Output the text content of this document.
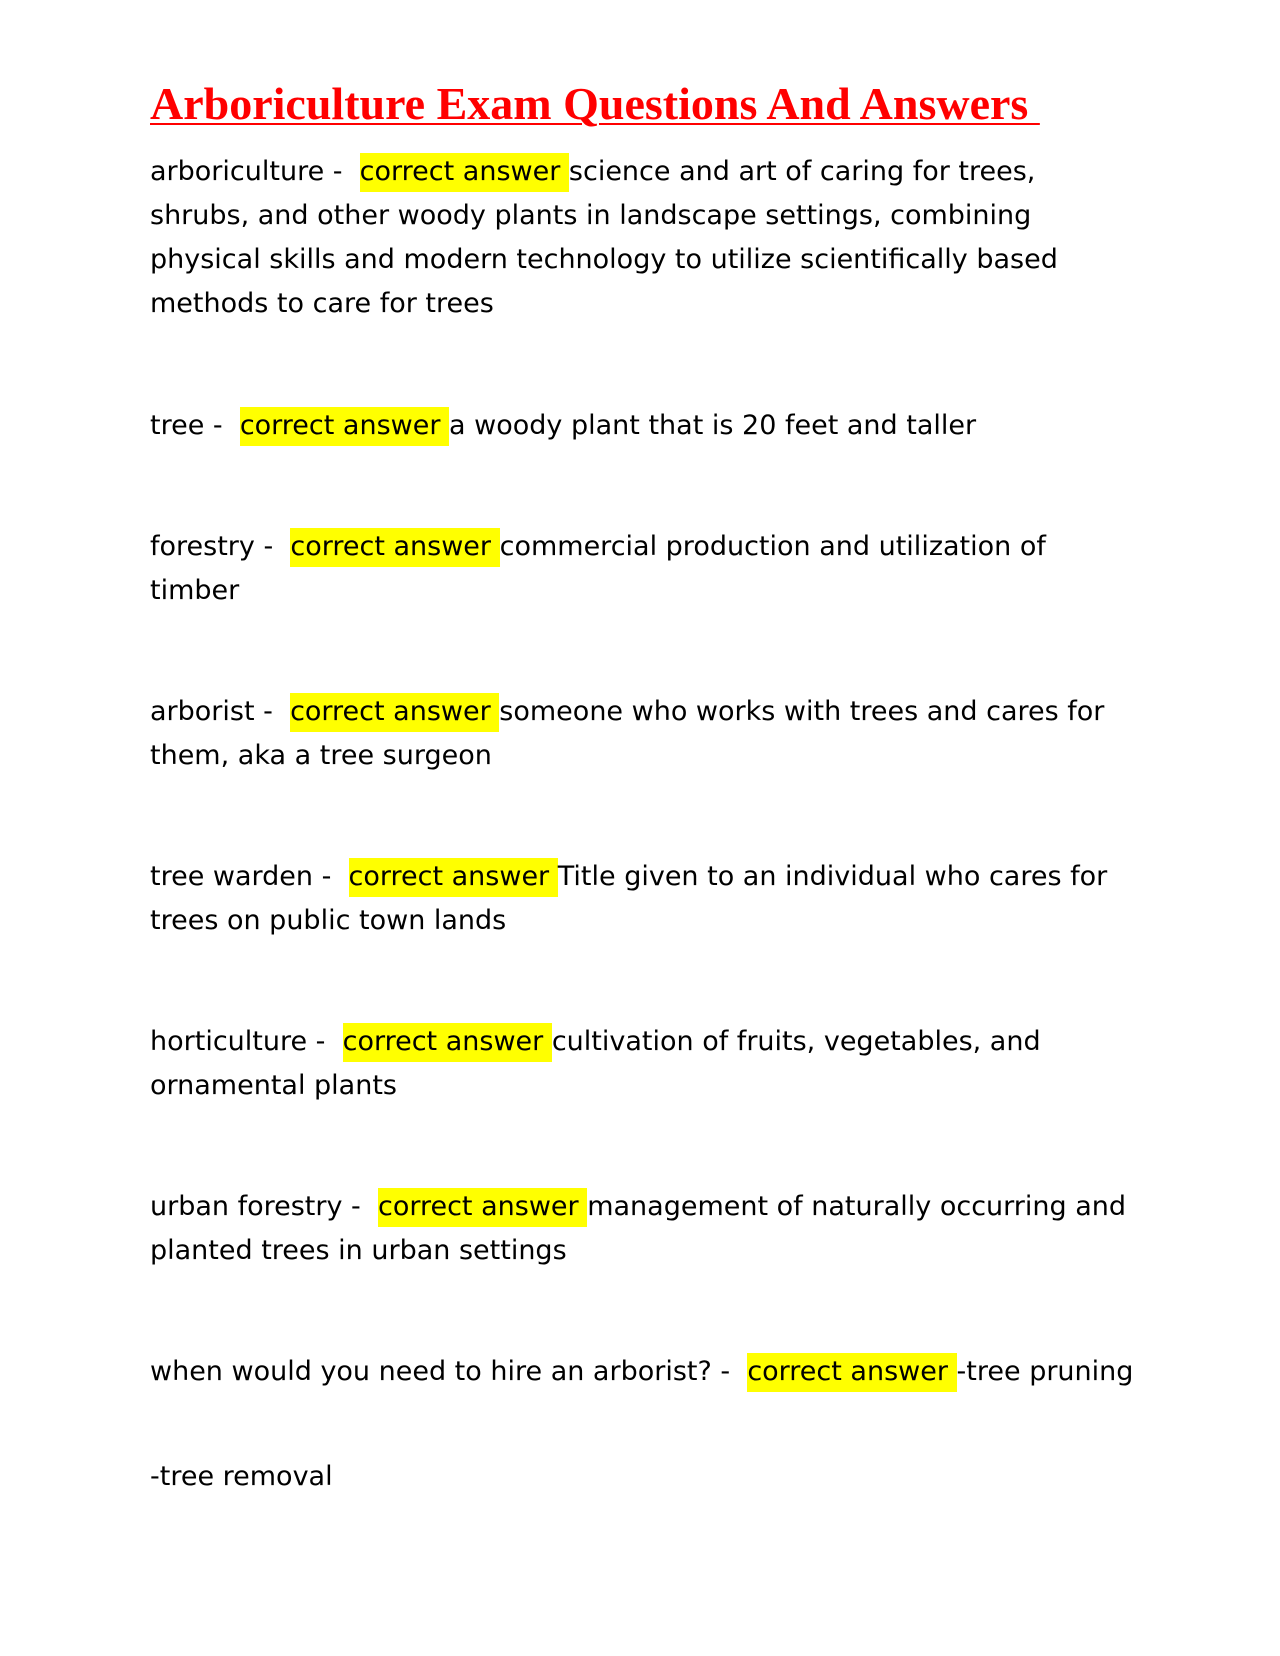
Arboriculture Exam Questions And Answers

arboriculture -  correct answer science and art of caring for trees, shrubs, and other woody plants in landscape settings, combining physical skills and modern technology to utilize scientifically based methods to care for trees

tree -  correct answer a woody plant that is 20 feet and taller

forestry -  correct answer commercial production and utilization of timber

arborist -  correct answer someone who works with trees and cares for them, aka a tree surgeon

tree warden -  correct answer Title given to an individual who cares for trees on public town lands

horticulture -  correct answer cultivation of fruits, vegetables, and ornamental plants

urban forestry -  correct answer management of naturally occurring and planted trees in urban settings

when would you need to hire an arborist? -  correct answer -tree pruning

-tree removal
